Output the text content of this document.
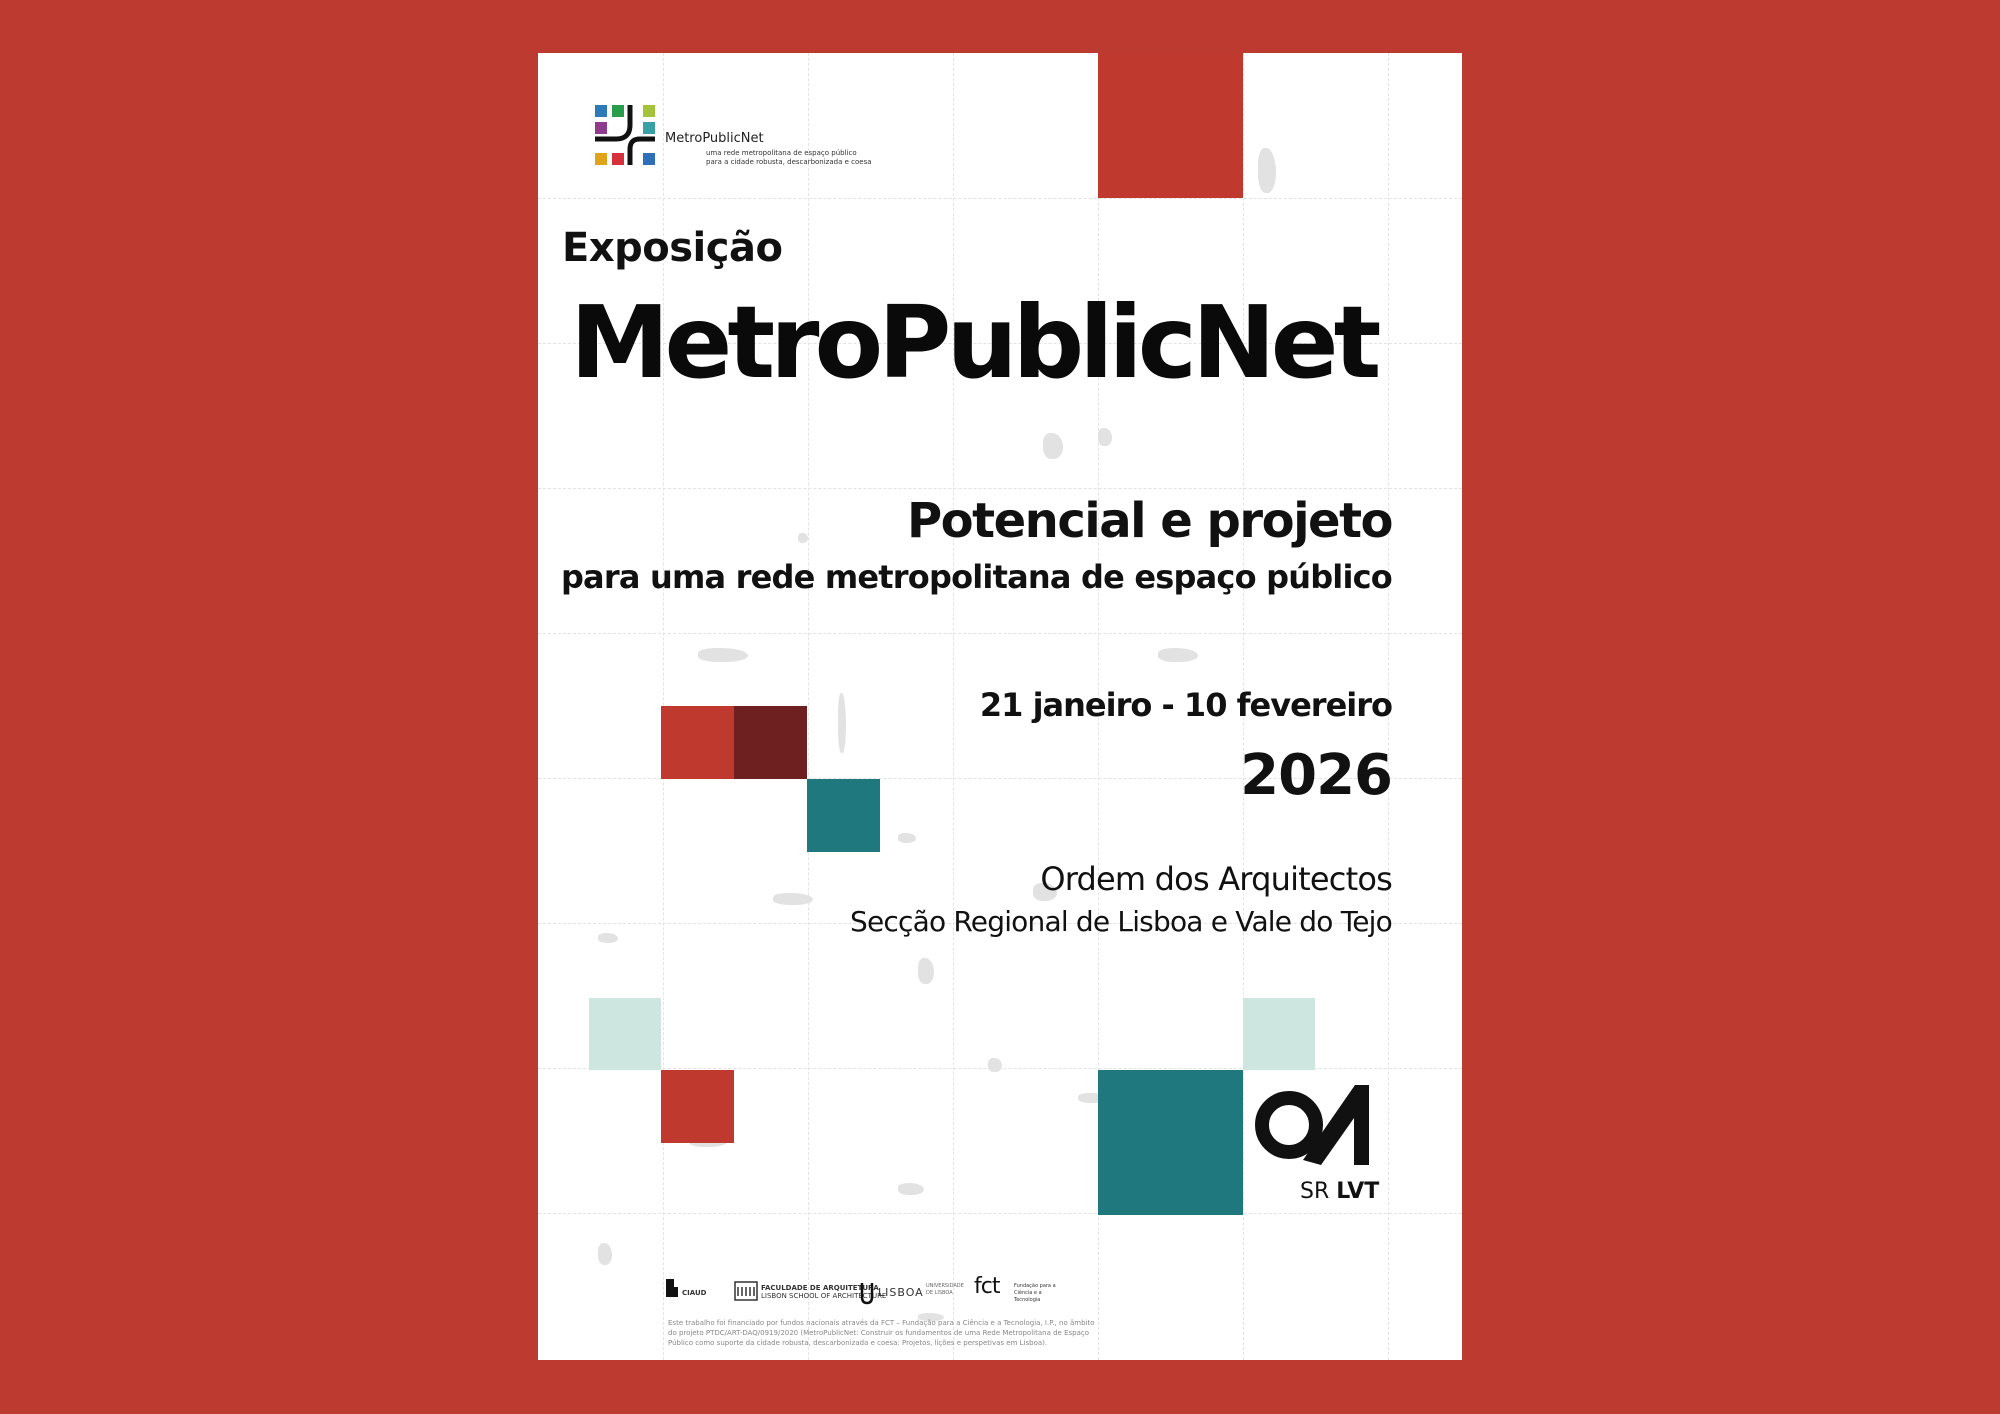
MetroPublicNet
uma rede metropolitana de espaço público
para a cidade robusta, descarbonizada e coesa
Exposição
MetroPublicNet
Potencial e projeto
para uma rede metropolitana de espaço público
21 janeiro - 10 fevereiro
2026
Ordem dos Arquitectos
Secção Regional de Lisboa e Vale do Tejo
SR LVT
CIAUD
FACULDADE DE ARQUITETURA
LISBON SCHOOL OF ARCHITECTURE
LISBOA UNIVERSIDADE DE LISBOA fct	Fundação para a Ciência e a Tecnologia
Este trabalho foi financiado por fundos nacionais através da FCT – Fundação para a Ciência e a Tecnologia, I.P., no âmbito do projeto PTDC/ART-DAQ/0919/2020 (MetroPublicNet: Construir os fundamentos de uma Rede Metropolitana de Espaço Público como suporte da cidade robusta, descarbonizada e coesa: Projetos, lições e perspetivas em Lisboa).
